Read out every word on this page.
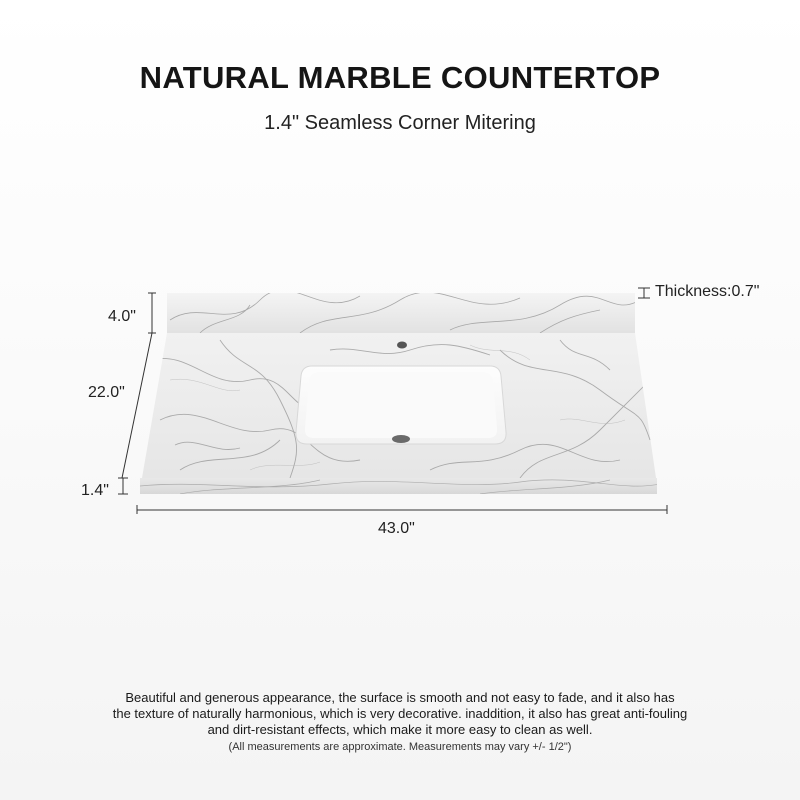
NATURAL MARBLE COUNTERTOP
1.4" Seamless Corner Mitering
4.0"
22.0"
1.4"
43.0"
Thickness:0.7"
Beautiful and generous appearance, the surface is smooth and not easy to fade, and it also has
the texture of naturally harmonious, which is very decorative. inaddition, it also has great anti-fouling
and dirt-resistant effects, which make it more easy to clean as well.
(All measurements are approximate. Measurements may vary +/- 1/2")
